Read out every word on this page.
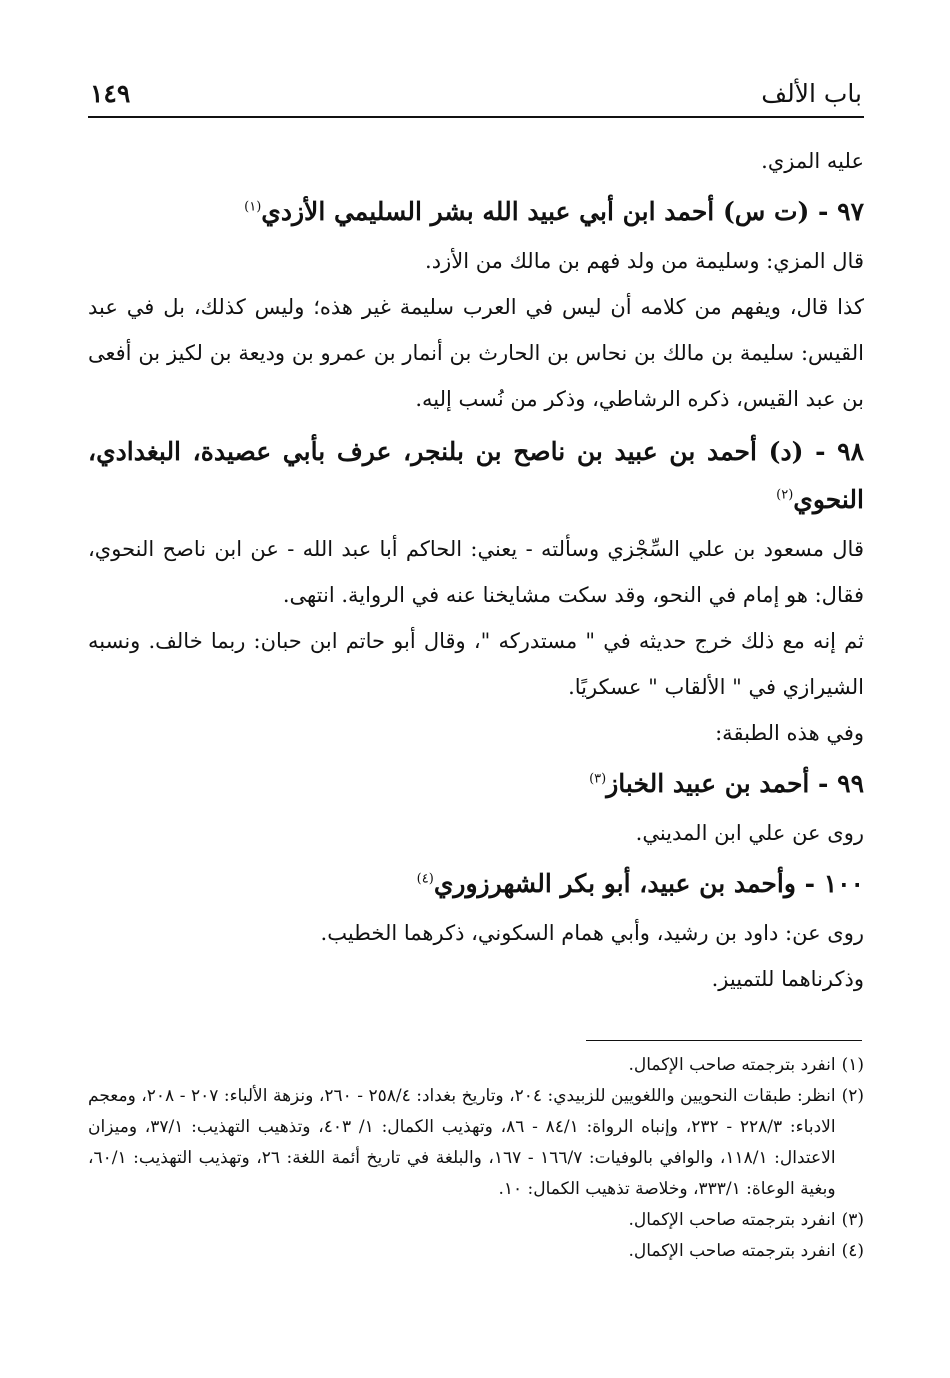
باب الألف
١٤٩

عليه المزي.

٩٧ - (ت س) أحمد ابن أبي عبيد الله بشر السليمي الأزدي$^{(١)}$

قال المزي: وسليمة من ولد فهم بن مالك من الأزد.

كذا قال، ويفهم من كلامه أن ليس في العرب سليمة غير هذه؛ وليس كذلك، بل في عبد القيس: سليمة بن مالك بن نحاس بن الحارث بن أنمار بن عمرو بن وديعة بن لكيز بن أفعى بن عبد القيس، ذكره الرشاطي، وذكر من نُسب إليه.

٩٨ - (د) أحمد بن عبيد بن ناصح بن بلنجر، عرف بأبي عصيدة، البغدادي، النحوي$^{(٢)}$

قال مسعود بن علي السِّجْزي وسألته - يعني: الحاكم أبا عبد الله - عن ابن ناصح النحوي، فقال: هو إمام في النحو، وقد سكت مشايخنا عنه في الرواية. انتهى.

ثم إنه مع ذلك خرج حديثه في " مستدركه "، وقال أبو حاتم ابن حبان: ربما خالف. ونسبه الشيرازي في " الألقاب " عسكريًا.

وفي هذه الطبقة:

٩٩ - أحمد بن عبيد الخباز$^{(٣)}$

روى عن علي ابن المديني.

١٠٠ - وأحمد بن عبيد، أبو بكر الشهرزوري$^{(٤)}$

روى عن: داود بن رشيد، وأبي همام السكوني، ذكرهما الخطيب.

وذكرناهما للتمييز.

(١)
انفرد بترجمته صاحب الإكمال.
(٢)
انظر: طبقات النحويين واللغويين للزبيدي: ٢٠٤، وتاريخ بغداد: ٢٥٨/٤ - ٢٦٠، ونزهة الألباء: ٢٠٧ - ٢٠٨، ومعجم الادباء: ٢٢٨/٣ - ٢٣٢، وإنباه الرواة: ٨٤/١ - ٨٦، وتهذيب الكمال: ١/ ٤٠٣، وتذهيب التهذيب: ٣٧/١، وميزان الاعتدال: ١١٨/١، والوافي بالوفيات: ١٦٦/٧ - ١٦٧، والبلغة في تاريخ أئمة اللغة: ٢٦، وتهذيب التهذيب: ٦٠/١، وبغية الوعاة: ٣٣٣/١، وخلاصة تذهيب الكمال: ١٠.
(٣)
انفرد بترجمته صاحب الإكمال.
(٤)
انفرد بترجمته صاحب الإكمال.
